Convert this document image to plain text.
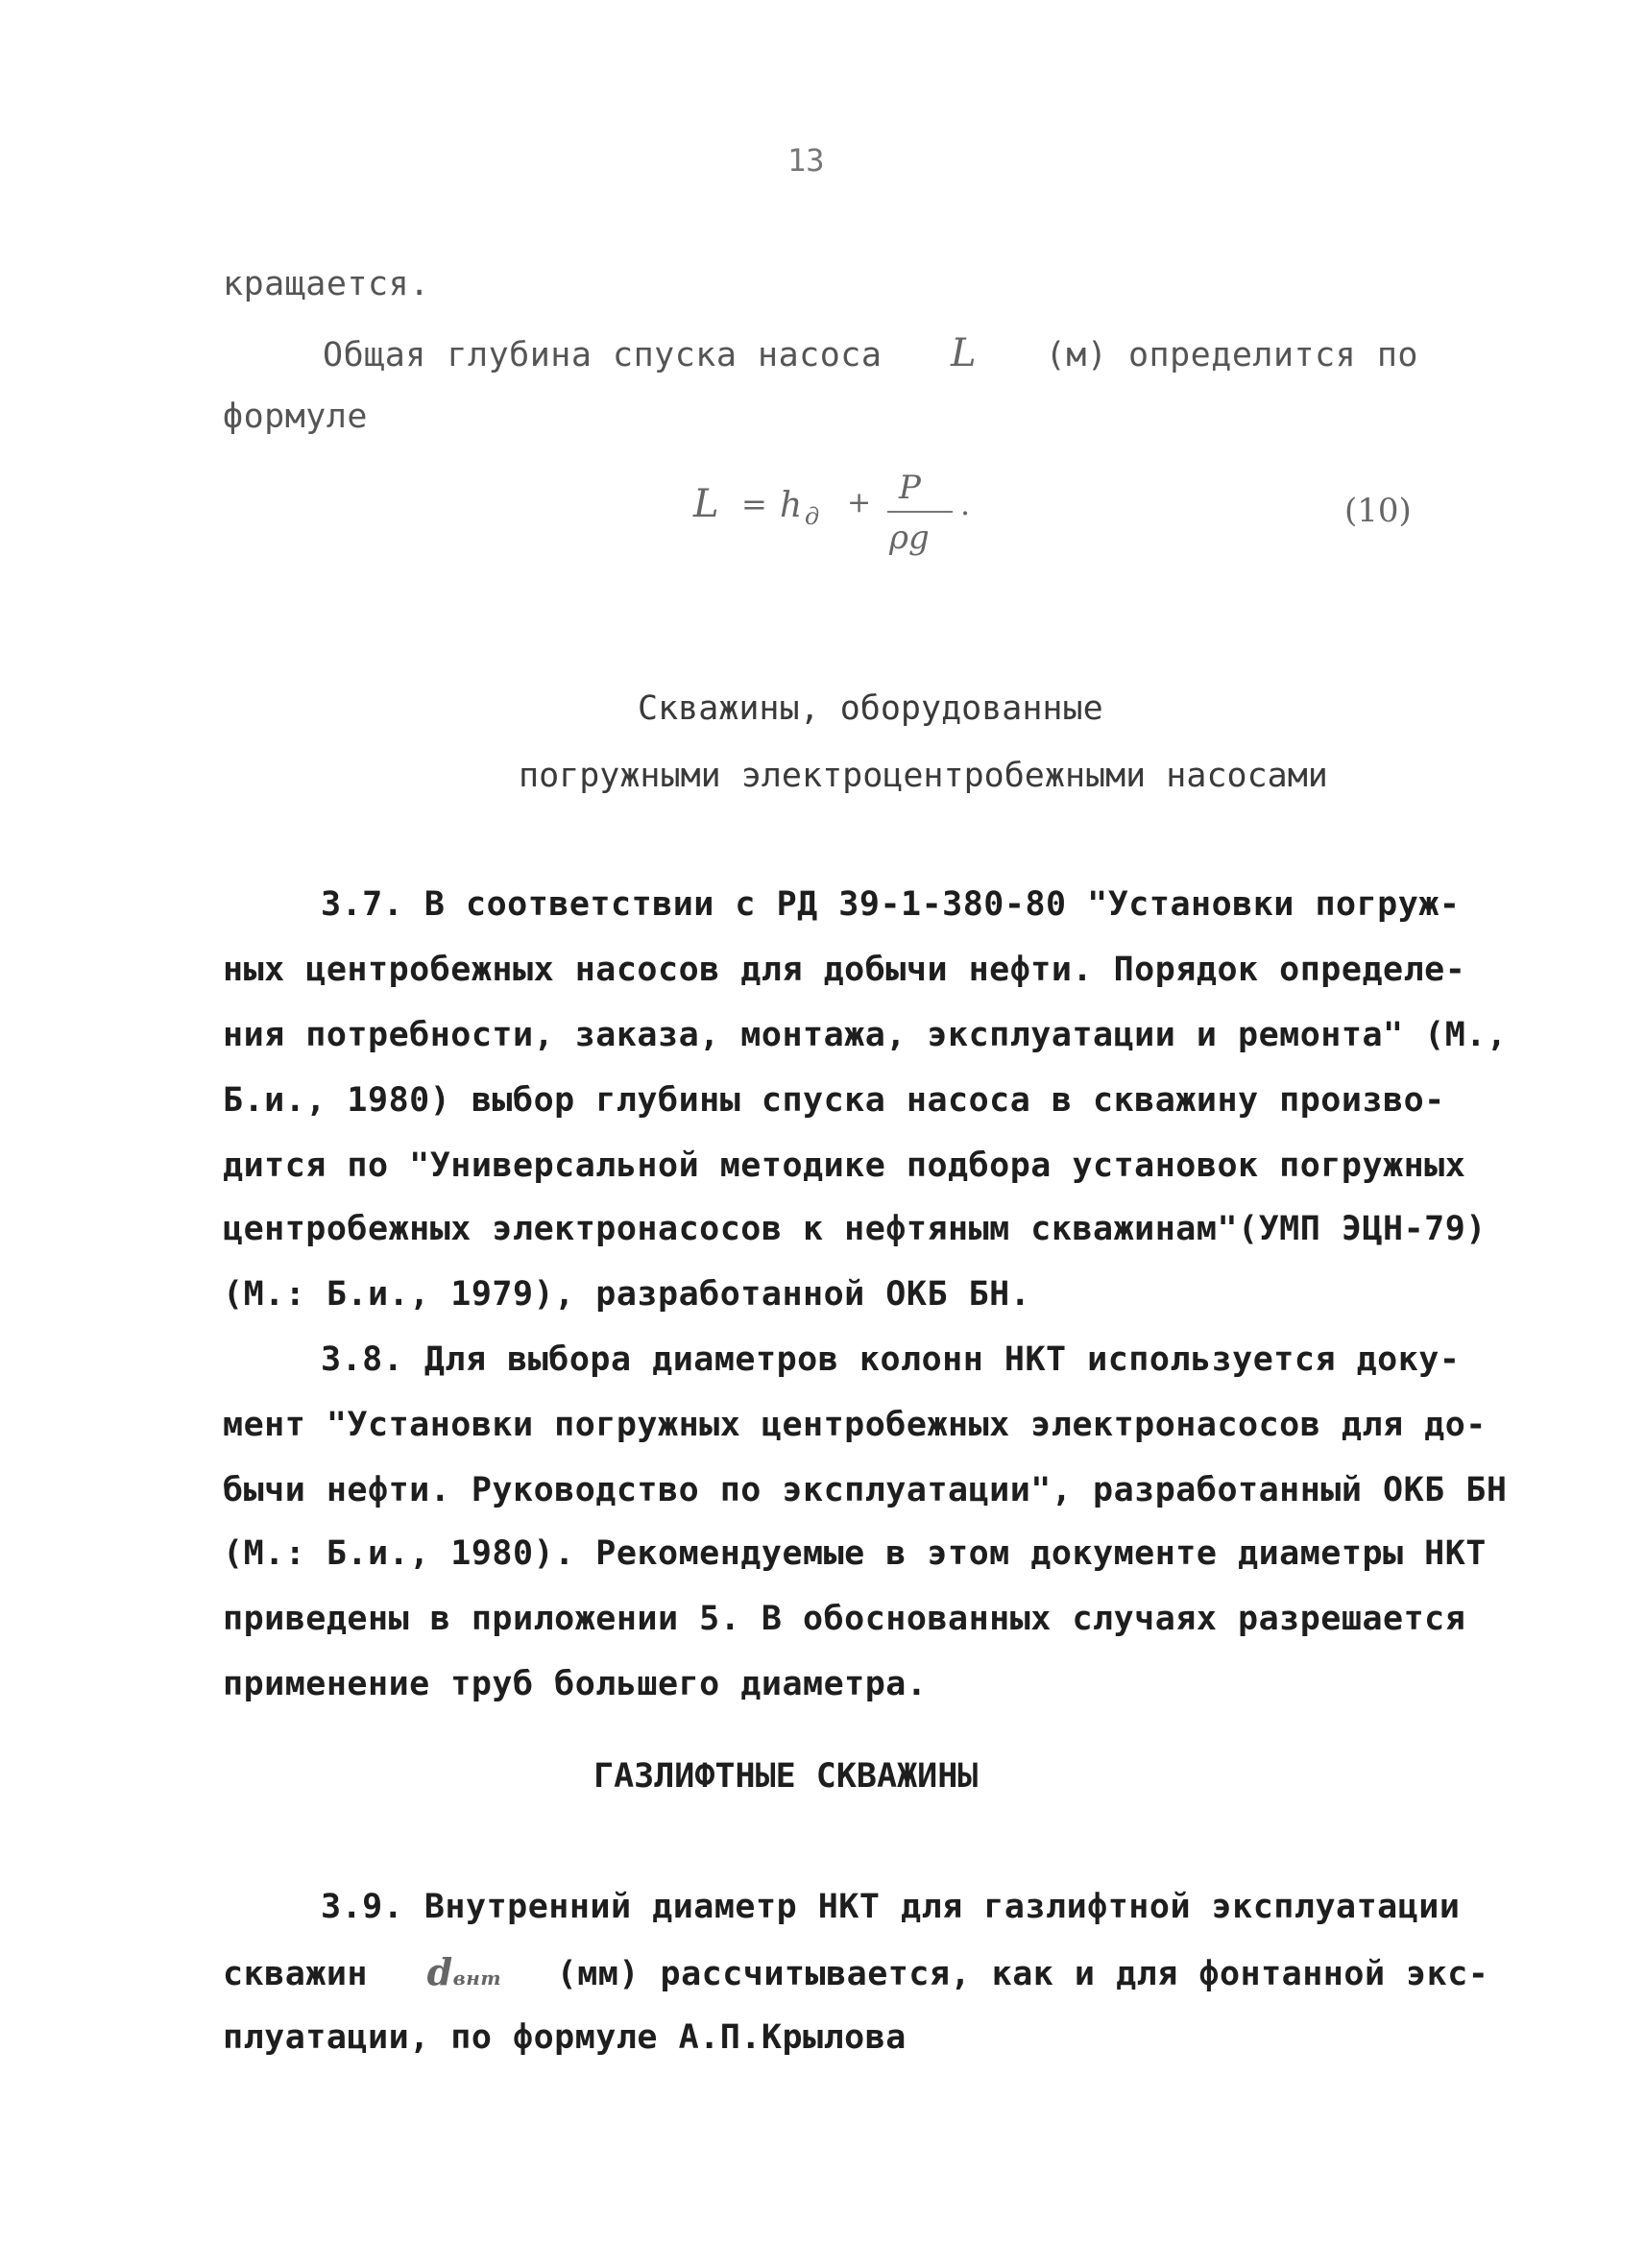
13
кращается.
Общая глубина спуска насоса L (м) определится по
формуле
L = h д + P
ρg
.	(10)
Скважины, оборудованные
погружными электроцентробежными насосами
3.7. В соответствии с РД 39-1-380-80 "Установки погруж-
ных центробежных насосов для добычи нефти. Порядок определе-
ния потребности, заказа, монтажа, эксплуатации и ремонта" (М.,
Б.и., 1980) выбор глубины спуска насоса в скважину произво-
дится по "Универсальной методике подбора установок погружных
центробежных электронасосов к нефтяным скважинам"(УМП ЭЦН-79)
(М.: Б.и., 1979), разработанной ОКБ БН.
3.8. Для выбора диаметров колонн НКТ используется доку-
мент "Установки погружных центробежных электронасосов для до-
бычи нефти. Руководство по эксплуатации", разработанный ОКБ БН
(М.: Б.и., 1980). Рекомендуемые в этом документе диаметры НКТ
приведены в приложении 5. В обоснованных случаях разрешается
применение труб большего диаметра.
ГАЗЛИФТНЫЕ СКВАЖИНЫ
3.9. Внутренний диаметр НКТ для газлифтной эксплуатации
скважин dвнт (мм) рассчитывается, как и для фонтанной экс-
плуатации, по формуле А.П.Крылова
